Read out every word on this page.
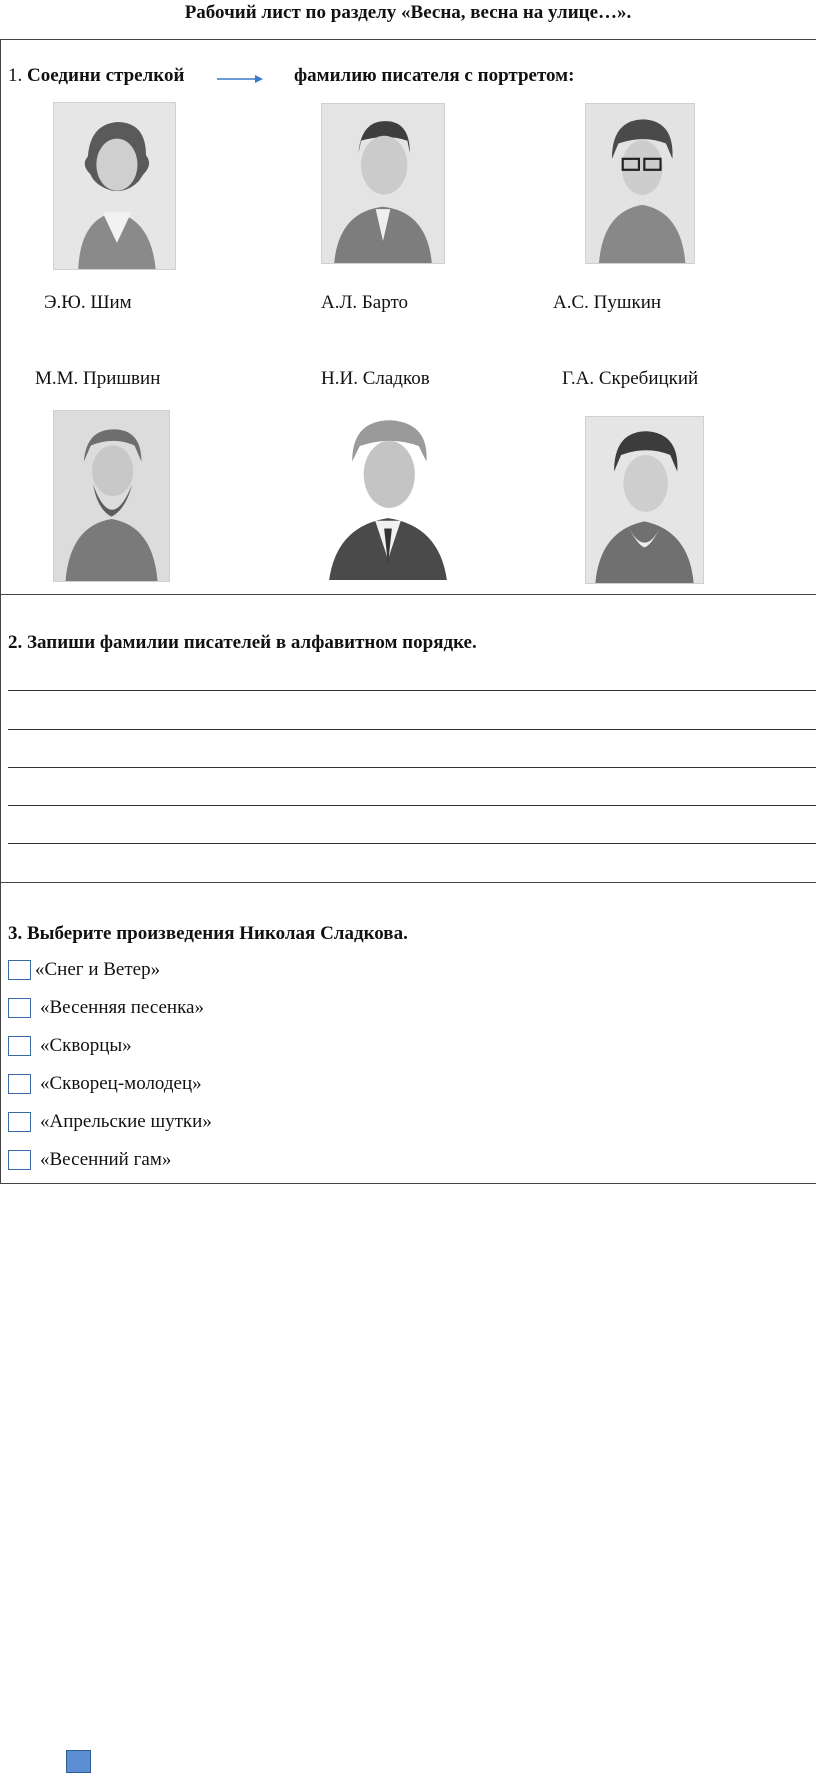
Рабочий лист по разделу «Весна, весна на улице…».
1. Соедини стрелкой	фамилию писателя с портретом:
Э.Ю. Шим	А.Л. Барто	А.С. Пушкин
М.М. Пришвин	Н.И. Сладков	Г.А. Скребицкий
2. Запиши фамилии писателей в алфавитном порядке.
3. Выберите произведения Николая Сладкова.
«Снег и Ветер»
«Весенняя песенка»
«Скворцы»
«Скворец-молодец»
«Апрельские шутки»
«Весенний гам»
